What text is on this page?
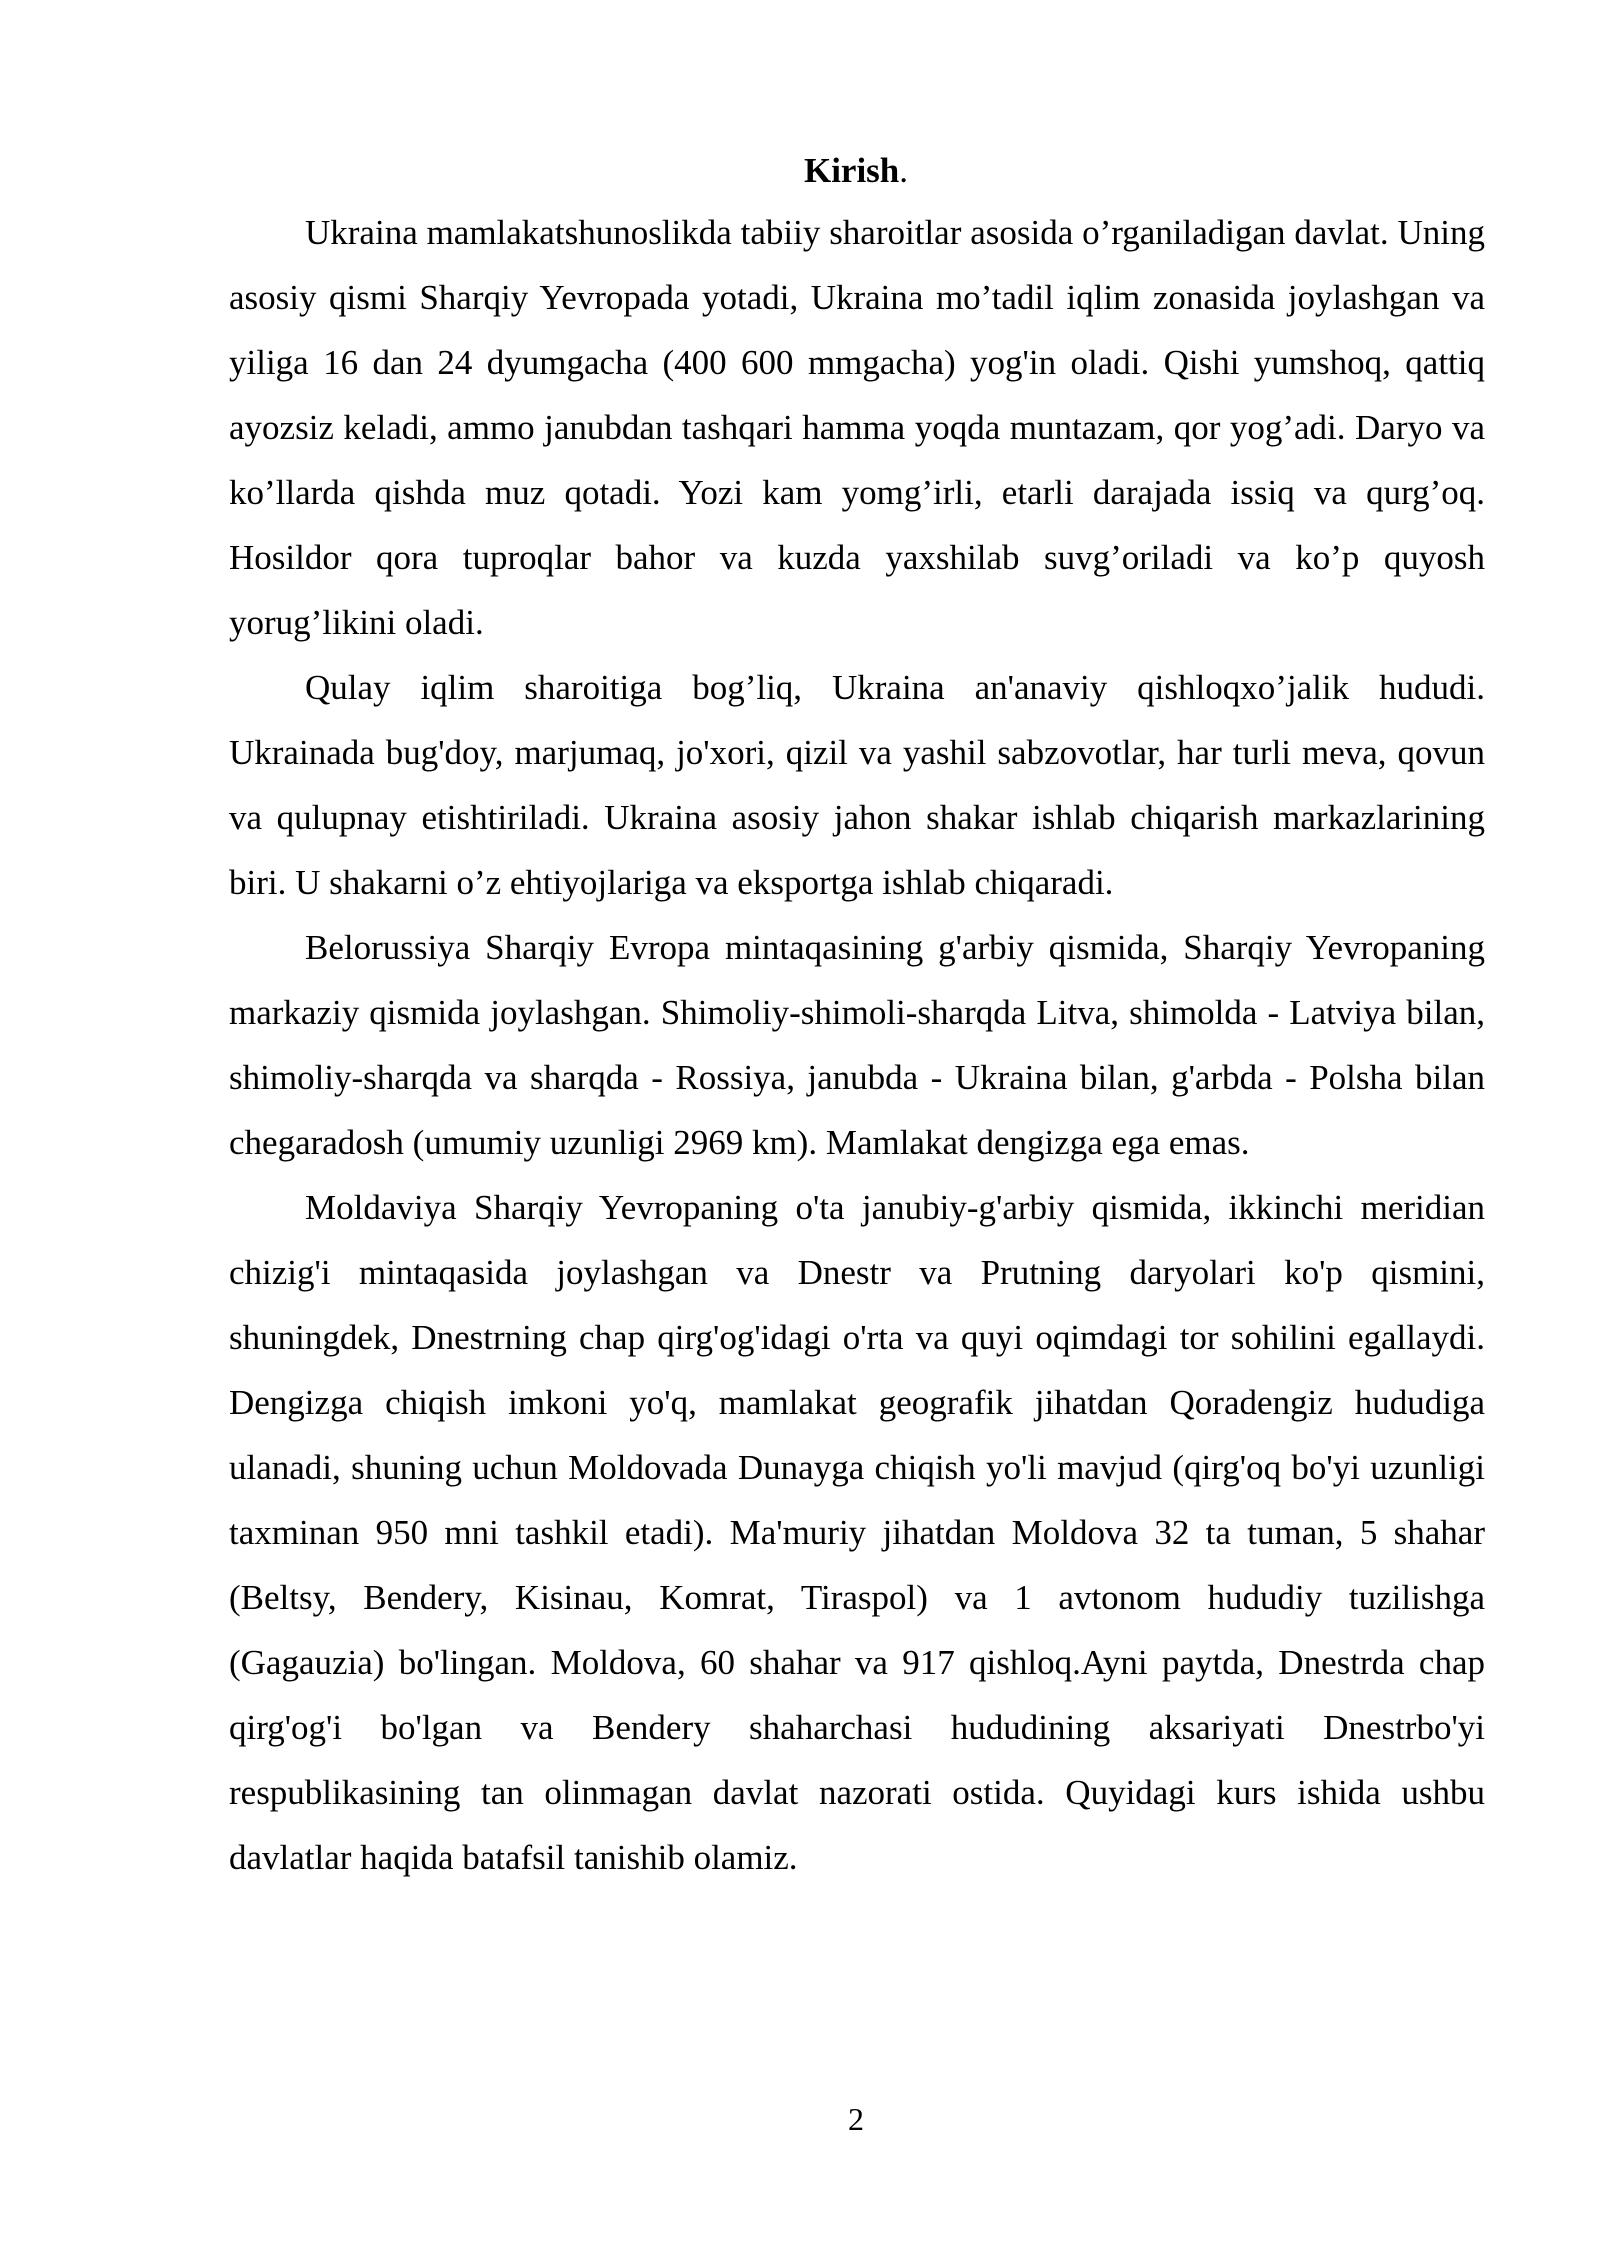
Kirish.

Ukraina mamlakatshunoslikda tabiiy sharoitlar asosida o’rganiladigan davlat. Uning asosiy qismi Sharqiy Yevropada yotadi, Ukraina mo’tadil iqlim zonasida joylashgan va yiliga 16 dan 24 dyumgacha (400 600 mmgacha) yog'in oladi. Qishi yumshoq, qattiq ayozsiz keladi, ammo janubdan tashqari hamma yoqda muntazam, qor yog’adi. Daryo va ko’llarda qishda muz qotadi. Yozi kam yomg’irli, etarli darajada issiq va qurg’oq. Hosildor qora tuproqlar bahor va kuzda yaxshilab suvg’oriladi va ko’p quyosh yorug’likini oladi.

Qulay iqlim sharoitiga bog’liq, Ukraina an'anaviy qishloqxo’jalik hududi. Ukrainada bug'doy, marjumaq, jo'xori, qizil va yashil sabzovotlar, har turli meva, qovun va qulupnay etishtiriladi. Ukraina asosiy jahon shakar ishlab chiqarish markazlarining biri. U shakarni o’z ehtiyojlariga va eksportga ishlab chiqaradi.

Belorussiya Sharqiy Evropa mintaqasining g'arbiy qismida, Sharqiy Yevropaning markaziy qismida joylashgan. Shimoliy-shimoli-sharqda Litva, shimolda - Latviya bilan, shimoliy-sharqda va sharqda - Rossiya, janubda - Ukraina bilan, g'arbda - Polsha bilan chegaradosh (umumiy uzunligi 2969 km). Mamlakat dengizga ega emas.

Moldaviya Sharqiy Yevropaning o'ta janubiy-g'arbiy qismida, ikkinchi meridian chizig'i mintaqasida joylashgan va Dnestr va Prutning daryolari ko'p qismini, shuningdek, Dnestrning chap qirg'og'idagi o'rta va quyi oqimdagi tor sohilini egallaydi. Dengizga chiqish imkoni yo'q, mamlakat geografik jihatdan Qoradengiz hududiga ulanadi, shuning uchun Moldovada Dunayga chiqish yo'li mavjud (qirg'oq bo'yi uzunligi taxminan 950 mni tashkil etadi). Ma'muriy jihatdan Moldova 32 ta tuman, 5 shahar (Beltsy, Bendery, Kisinau, Komrat, Tiraspol) va 1 avtonom hududiy tuzilishga (Gagauzia) bo'lingan. Moldova, 60 shahar va 917 qishloq.Ayni paytda, Dnestrda chap qirg'og'i bo'lgan va Bendery shaharchasi hududining aksariyati Dnestrbo'yi respublikasining tan olinmagan davlat nazorati ostida. Quyidagi kurs ishida ushbu davlatlar haqida batafsil tanishib olamiz.

2
